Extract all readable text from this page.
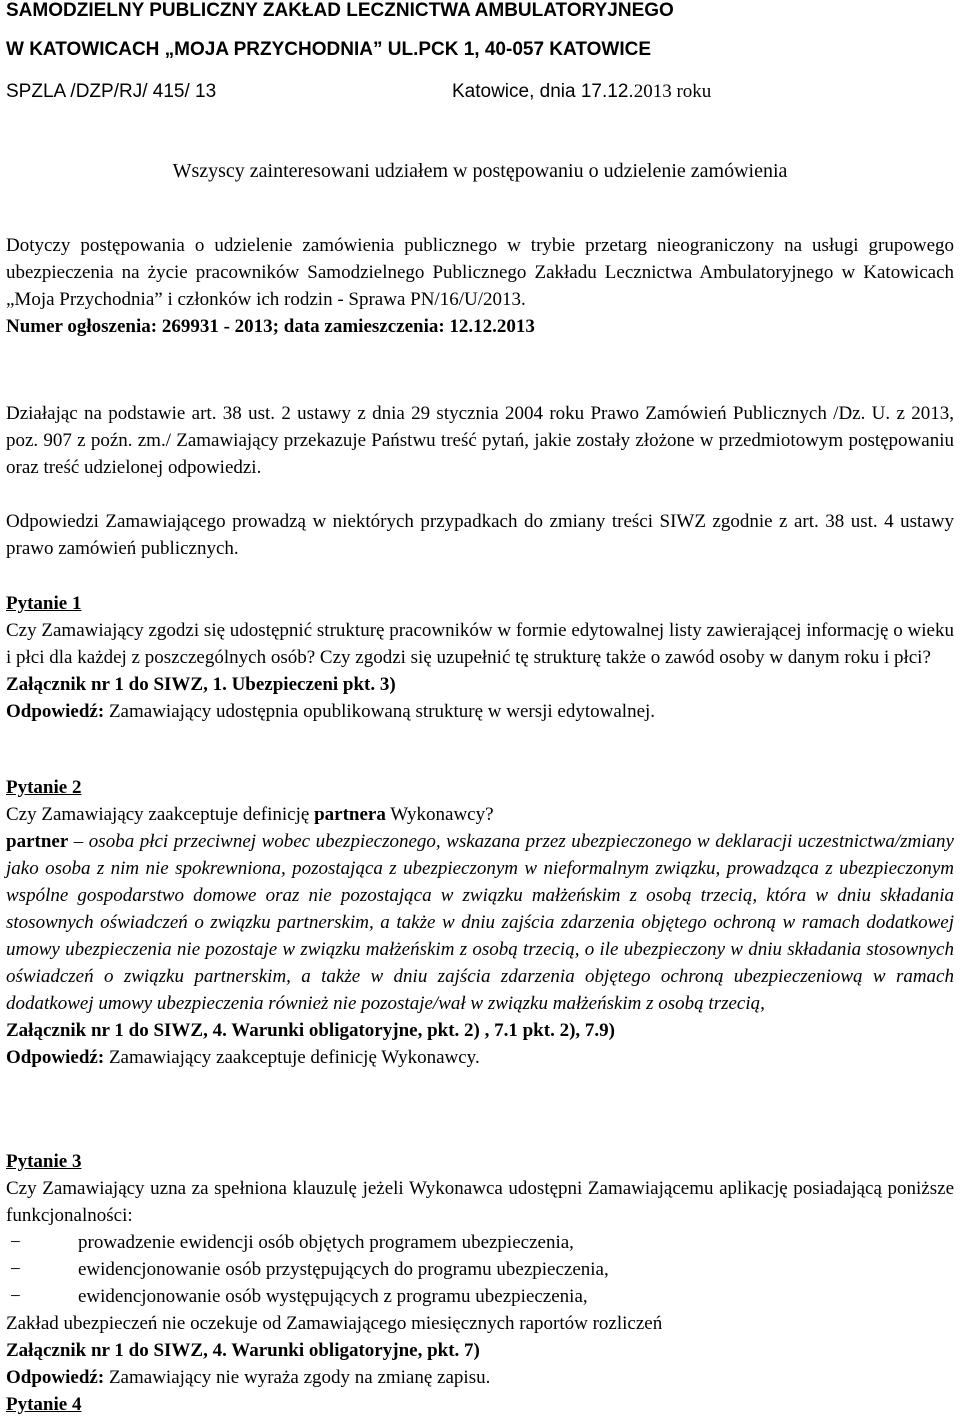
SAMODZIELNY PUBLICZNY ZAKŁAD LECZNICTWA AMBULATORYJNEGO
W KATOWICACH „MOJA PRZYCHODNIA” UL.PCK 1, 40-057 KATOWICE
SPZLA /DZP/RJ/ 415/ 13	Katowice, dnia 17.12.2013 roku
Wszyscy zainteresowani udziałem w postępowaniu o udzielenie zamówienia

Dotyczy postępowania o udzielenie zamówienia publicznego w trybie przetarg nieograniczony na usługi grupowego ubezpieczenia na życie pracowników Samodzielnego Publicznego Zakładu Lecznictwa Ambulatoryjnego w Katowicach „Moja Przychodnia” i członków ich rodzin - Sprawa PN/16/U/2013.

Numer ogłoszenia: 269931 - 2013; data zamieszczenia: 12.12.2013

Działając na podstawie art. 38 ust. 2 ustawy z dnia 29 stycznia 2004 roku Prawo Zamówień Publicznych /Dz. U. z 2013, poz. 907 z poźn. zm./ Zamawiający przekazuje Państwu treść pytań, jakie zostały złożone w przedmiotowym postępowaniu oraz treść udzielonej odpowiedzi.

Odpowiedzi Zamawiającego prowadzą w niektórych przypadkach do zmiany treści SIWZ zgodnie z art. 38 ust. 4 ustawy prawo zamówień publicznych.

Pytanie 1

Czy Zamawiający zgodzi się udostępnić strukturę pracowników w formie edytowalnej listy zawierającej informację o wieku i płci dla każdej z poszczególnych osób? Czy zgodzi się uzupełnić tę strukturę także o zawód osoby w danym roku i płci?

Załącznik nr 1 do SIWZ, 1. Ubezpieczeni pkt. 3)

Odpowiedź: Zamawiający udostępnia opublikowaną strukturę w wersji edytowalnej.

Pytanie 2

Czy Zamawiający zaakceptuje definicję partnera Wykonawcy?

partner – osoba płci przeciwnej wobec ubezpieczonego, wskazana przez ubezpieczonego w deklaracji uczestnictwa/zmiany jako osoba z nim nie spokrewniona, pozostająca z ubezpieczonym w nieformalnym związku, prowadząca z ubezpieczonym wspólne gospodarstwo domowe oraz nie pozostająca w związku małżeńskim z osobą trzecią, która w dniu składania stosownych oświadczeń o związku partnerskim, a także w dniu zajścia zdarzenia objętego ochroną w ramach dodatkowej umowy ubezpieczenia nie pozostaje w związku małżeńskim z osobą trzecią, o ile ubezpieczony w dniu składania stosownych oświadczeń o związku partnerskim, a także w dniu zajścia zdarzenia objętego ochroną ubezpieczeniową w ramach dodatkowej umowy ubezpieczenia również nie pozostaje/wał w związku małżeńskim z osobą trzecią,

Załącznik nr 1 do SIWZ, 4. Warunki obligatoryjne, pkt. 2) , 7.1 pkt. 2), 7.9)

Odpowiedź: Zamawiający zaakceptuje definicję Wykonawcy.

Pytanie 3

Czy Zamawiający uzna za spełniona klauzulę jeżeli Wykonawca udostępni Zamawiającemu aplikację posiadającą poniższe funkcjonalności:

−	prowadzenie ewidencji osób objętych programem ubezpieczenia,
−	ewidencjonowanie osób przystępujących do programu ubezpieczenia,
−	ewidencjonowanie osób występujących z programu ubezpieczenia,

Zakład ubezpieczeń nie oczekuje od Zamawiającego miesięcznych raportów rozliczeń

Załącznik nr 1 do SIWZ, 4. Warunki obligatoryjne, pkt. 7)

Odpowiedź: Zamawiający nie wyraża zgody na zmianę zapisu.

Pytanie 4
